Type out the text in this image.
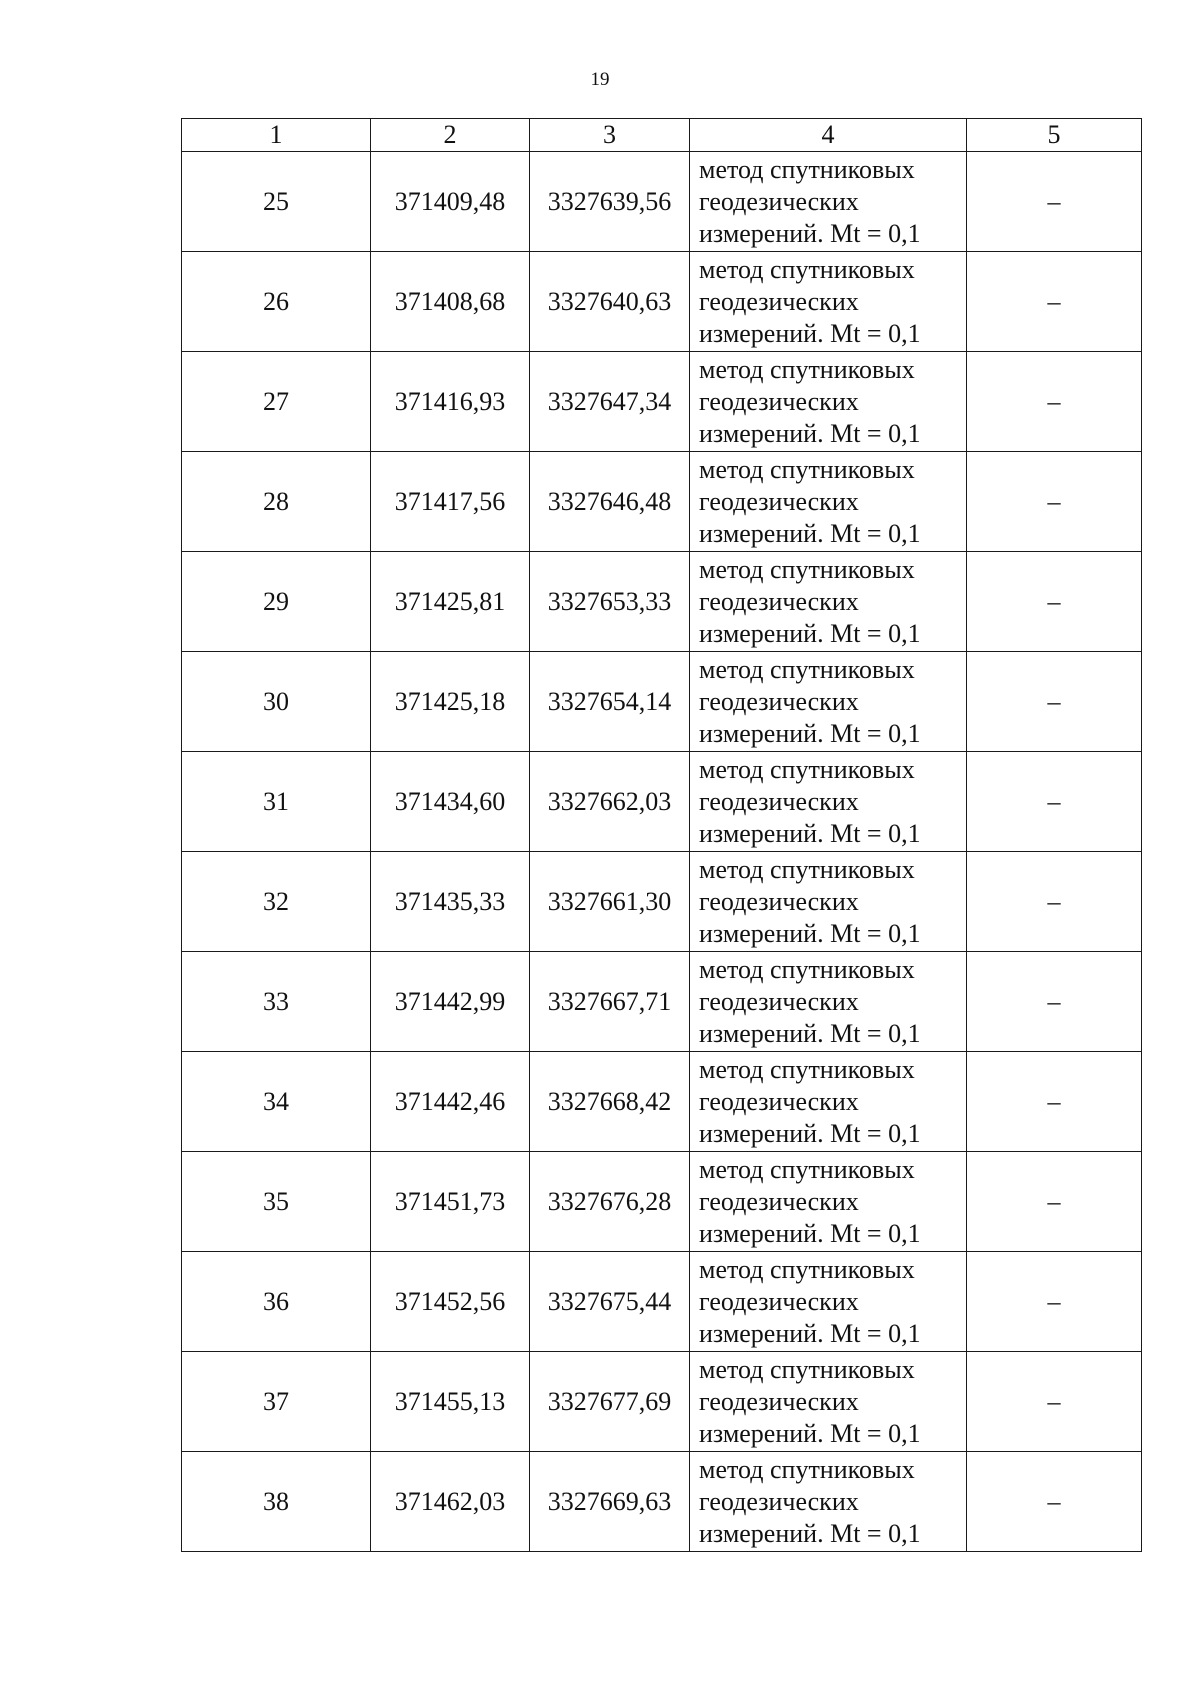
19
1	2	3	4	5
25	371409,48	3327639,56	метод спутниковых
геодезических
измерений. Mt = 0,1	–
26	371408,68	3327640,63	метод спутниковых
геодезических
измерений. Mt = 0,1	–
27	371416,93	3327647,34	метод спутниковых
геодезических
измерений. Mt = 0,1	–
28	371417,56	3327646,48	метод спутниковых
геодезических
измерений. Mt = 0,1	–
29	371425,81	3327653,33	метод спутниковых
геодезических
измерений. Mt = 0,1	–
30	371425,18	3327654,14	метод спутниковых
геодезических
измерений. Mt = 0,1	–
31	371434,60	3327662,03	метод спутниковых
геодезических
измерений. Mt = 0,1	–
32	371435,33	3327661,30	метод спутниковых
геодезических
измерений. Mt = 0,1	–
33	371442,99	3327667,71	метод спутниковых
геодезических
измерений. Mt = 0,1	–
34	371442,46	3327668,42	метод спутниковых
геодезических
измерений. Mt = 0,1	–
35	371451,73	3327676,28	метод спутниковых
геодезических
измерений. Mt = 0,1	–
36	371452,56	3327675,44	метод спутниковых
геодезических
измерений. Mt = 0,1	–
37	371455,13	3327677,69	метод спутниковых
геодезических
измерений. Mt = 0,1	–
38	371462,03	3327669,63	метод спутниковых
геодезических
измерений. Mt = 0,1	–
